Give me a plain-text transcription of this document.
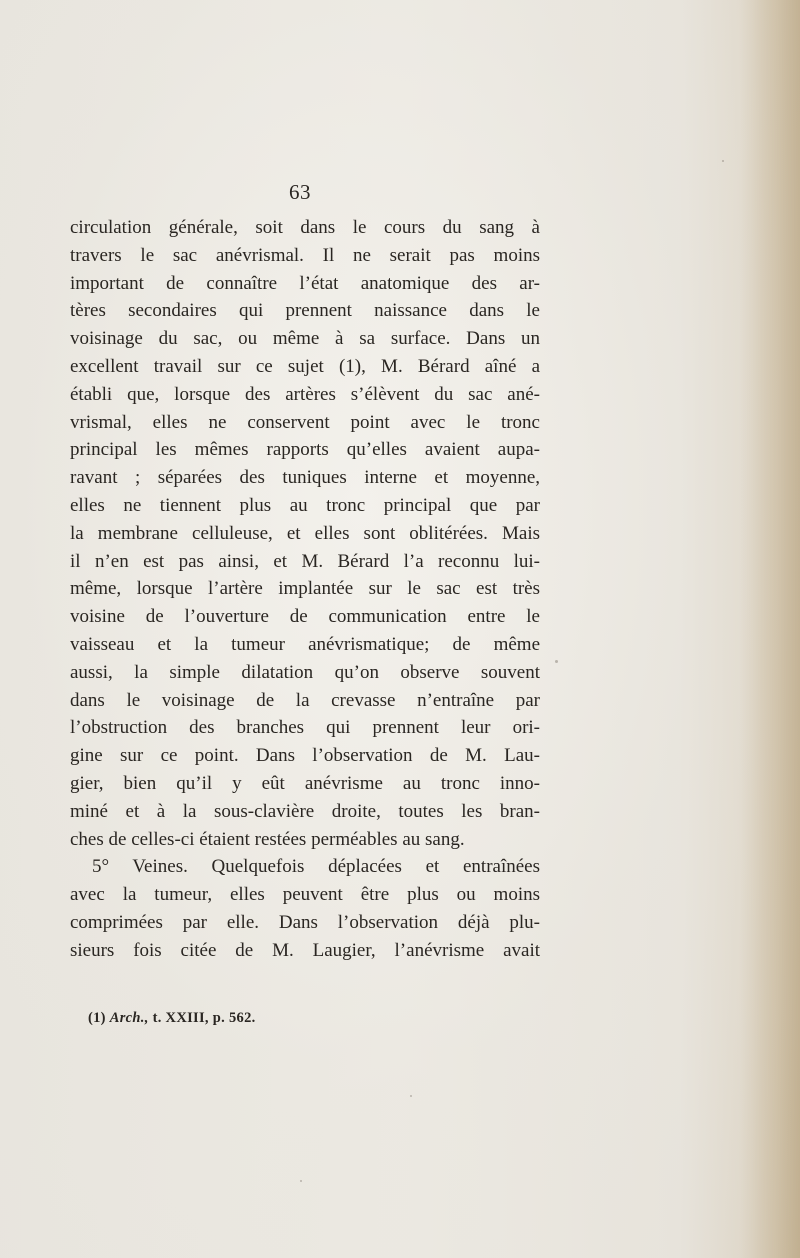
63
circulation générale, soit dans le cours du sang à
travers le sac anévrismal. Il ne serait pas moins
important de connaître l’état anatomique des ar-
tères secondaires qui prennent naissance dans le
voisinage du sac, ou même à sa surface. Dans un
excellent travail sur ce sujet (1), M. Bérard aîné a
établi que, lorsque des artères s’élèvent du sac ané-
vrismal, elles ne conservent point avec le tronc
principal les mêmes rapports qu’elles avaient aupa-
ravant ; séparées des tuniques interne et moyenne,
elles ne tiennent plus au tronc principal que par
la membrane celluleuse, et elles sont oblitérées. Mais
il n’en est pas ainsi, et M. Bérard l’a reconnu lui-
même, lorsque l’artère implantée sur le sac est très
voisine de l’ouverture de communication entre le
vaisseau et la tumeur anévrismatique; de même
aussi, la simple dilatation qu’on observe souvent
dans le voisinage de la crevasse n’entraîne par
l’obstruction des branches qui prennent leur ori-
gine sur ce point. Dans l’observation de M. Lau-
gier, bien qu’il y eût anévrisme au tronc inno-
miné et à la sous-clavière droite, toutes les bran-
ches de celles-ci étaient restées perméables au sang.
5° Veines. Quelquefois déplacées et entraînées
avec la tumeur, elles peuvent être plus ou moins
comprimées par elle. Dans l’observation déjà plu-
sieurs fois citée de M. Laugier, l’anévrisme avait
(1) Arch., t. XXIII, p. 562.
